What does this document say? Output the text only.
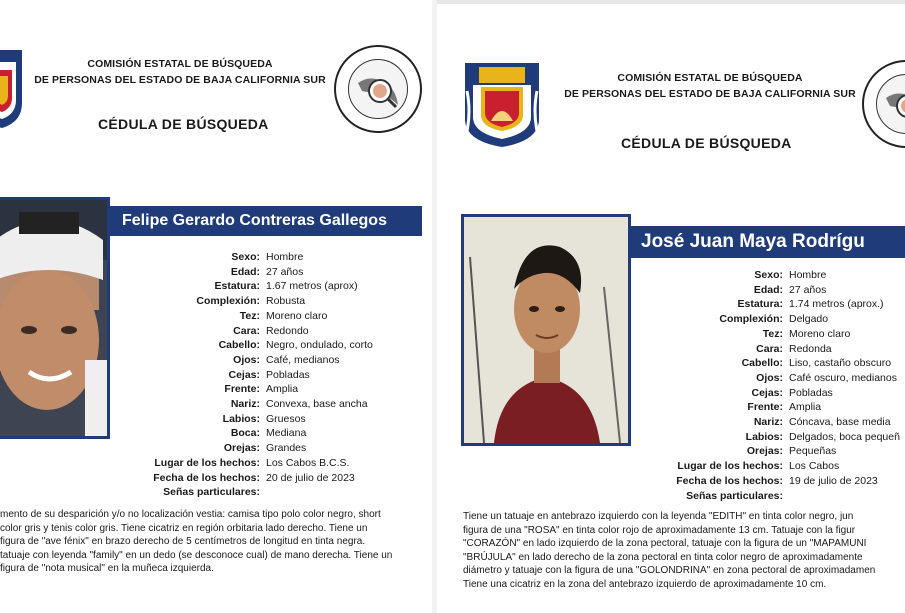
COMISIÓN ESTATAL DE BÚSQUEDA
DE PERSONAS DEL ESTADO DE BAJA CALIFORNIA SUR
CÉDULA DE BÚSQUEDA
Felipe Gerardo Contreras Gallegos
Sexo: Hombre
Edad: 27 años
Estatura: 1.67 metros (aprox)
Complexión: Robusta
Tez: Moreno claro
Cara: Redondo
Cabello: Negro, ondulado, corto
Ojos: Café, medianos
Cejas: Pobladas
Frente: Amplia
Nariz: Convexa, base ancha
Labios: Gruesos
Boca: Mediana
Orejas: Grandes
Lugar de los hechos: Los Cabos B.C.S.
Fecha de los hechos: 20 de julio de 2023
Señas particulares:
mento de su desparición y/o no localización vestia: camisa tipo polo color negro, short
color gris y tenis color gris. Tiene cicatriz en región orbitaria lado derecho. Tiene un
figura de "ave fénix" en brazo derecho de 5 centímetros de longitud en tinta negra.
tatuaje con leyenda "family" en un dedo (se desconoce cual) de mano derecha. Tiene un
figura de "nota musical" en la muñeca izquierda.
COMISIÓN ESTATAL DE BÚSQUEDA
DE PERSONAS DEL ESTADO DE BAJA CALIFORNIA SUR
CÉDULA DE BÚSQUEDA
José Juan Maya Rodrígu
Sexo: Hombre
Edad: 27 años
Estatura: 1.74 metros (aprox.)
Complexión: Delgado
Tez: Moreno claro
Cara: Redonda
Cabello: Liso, castaño obscuro
Ojos: Café oscuro, medianos
Cejas: Pobladas
Frente: Amplia
Nariz: Cóncava, base media
Labios: Delgados, boca pequeñ
Orejas: Pequeñas
Lugar de los hechos: Los Cabos
Fecha de los hechos: 19 de julio de 2023
Señas particulares:
Tiene un tatuaje en antebrazo izquierdo con la leyenda "EDITH" en tinta color negro, jun
figura de una "ROSA" en tinta color rojo de aproximadamente 13 cm. Tatuaje con la figur
"CORAZÓN" en lado izquierdo de la zona pectoral, tatuaje con la figura de un "MAPAMUNI
"BRÚJULA" en lado derecho de la zona pectoral en tinta color negro de aproximadamente
diámetro y tatuaje con la figura de una "GOLONDRINA" en zona pectoral de aproximadamen
Tiene una cicatriz en la zona del antebrazo izquierdo de aproximadamente 10 cm.
